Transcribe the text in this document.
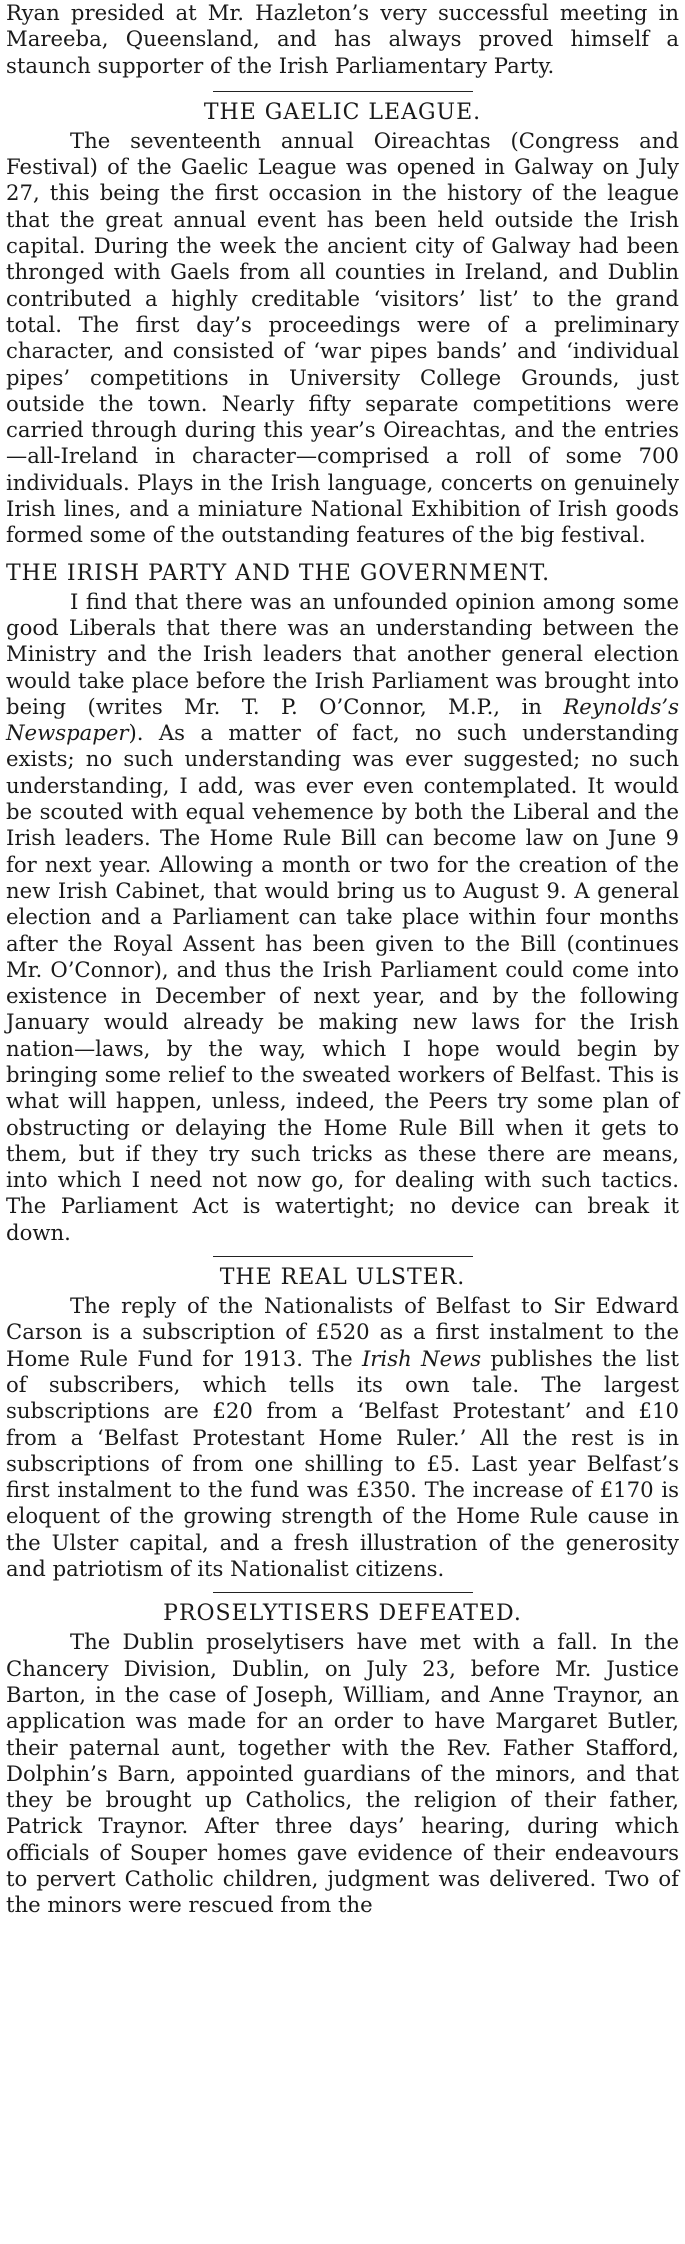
Ryan presided at Mr. Hazleton’s very successful meeting in Mareeba, Queensland, and has always proved himself a staunch supporter of the Irish Parliamentary Party.

THE GAELIC LEAGUE.

The seventeenth annual Oireachtas (Congress and Festival) of the Gaelic League was opened in Galway on July 27, this being the first occasion in the history of the league that the great annual event has been held outside the Irish capital. During the week the ancient city of Galway had been thronged with Gaels from all counties in Ireland, and Dublin contributed a highly creditable ‘visitors’ list’ to the grand total. The first day’s proceedings were of a preliminary character, and consisted of ‘war pipes bands’ and ‘individual pipes’ competitions in University College Grounds, just outside the town. Nearly fifty separate competitions were carried through during this year’s Oireachtas, and the entries—all-Ireland in character—comprised a roll of some 700 individuals. Plays in the Irish language, concerts on genuinely Irish lines, and a miniature National Exhibition of Irish goods formed some of the outstanding features of the big festival.

THE IRISH PARTY AND THE GOVERNMENT.

I find that there was an unfounded opinion among some good Liberals that there was an understanding between the Ministry and the Irish leaders that another general election would take place before the Irish Parliament was brought into being (writes Mr. T. P. O’Connor, M.P., in Reynolds’s Newspaper). As a matter of fact, no such understanding exists; no such understanding was ever suggested; no such understanding, I add, was ever even contemplated. It would be scouted with equal vehemence by both the Liberal and the Irish leaders. The Home Rule Bill can become law on June 9 for next year. Allowing a month or two for the creation of the new Irish Cabinet, that would bring us to August 9. A general election and a Parliament can take place within four months after the Royal Assent has been given to the Bill (continues Mr. O’Connor), and thus the Irish Parliament could come into existence in December of next year, and by the following January would already be making new laws for the Irish nation—laws, by the way, which I hope would begin by bringing some relief to the sweated workers of Belfast. This is what will happen, unless, indeed, the Peers try some plan of obstructing or delaying the Home Rule Bill when it gets to them, but if they try such tricks as these there are means, into which I need not now go, for dealing with such tactics. The Parliament Act is watertight; no device can break it down.

THE REAL ULSTER.

The reply of the Nationalists of Belfast to Sir Edward Carson is a subscription of £520 as a first instalment to the Home Rule Fund for 1913. The Irish News publishes the list of subscribers, which tells its own tale. The largest subscriptions are £20 from a ‘Belfast Protestant’ and £10 from a ‘Belfast Protestant Home Ruler.’ All the rest is in subscriptions of from one shilling to £5. Last year Belfast’s first instalment to the fund was £350. The increase of £170 is eloquent of the growing strength of the Home Rule cause in the Ulster capital, and a fresh illustration of the generosity and patriotism of its Nationalist citizens.

PROSELYTISERS DEFEATED.

The Dublin proselytisers have met with a fall. In the Chancery Division, Dublin, on July 23, before Mr. Justice Barton, in the case of Joseph, William, and Anne Traynor, an application was made for an order to have Margaret Butler, their paternal aunt, together with the Rev. Father Stafford, Dolphin’s Barn, appointed guardians of the minors, and that they be brought up Catholics, the religion of their father, Patrick Traynor. After three days’ hearing, during which officials of Souper homes gave evidence of their endeavours to pervert Catholic children, judgment was delivered. Two of the minors were rescued from the
